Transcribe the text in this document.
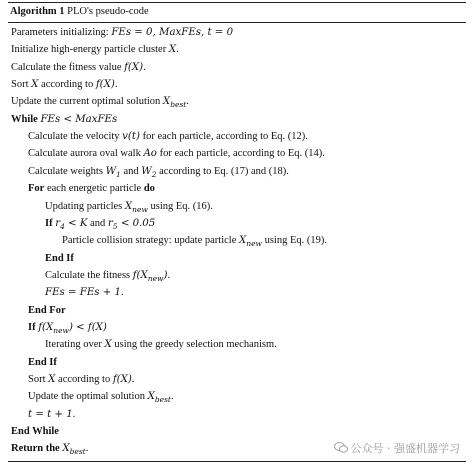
Algorithm 1 PLO's pseudo-code
Parameters initializing: FEs = 0, MaxFEs, t = 0
Initialize high-energy particle cluster X.
Calculate the fitness value f(X).
Sort X according to f(X).
Update the current optimal solution $X_{best}$.
While FEs < MaxFEs
Calculate the velocity v(t) for each particle, according to Eq. (12).
Calculate aurora oval walk Ao for each particle, according to Eq. (14).
Calculate weights $W_1$ and $W_2$ according to Eq. (17) and (18).
For each energetic particle do
Updating particles $X_{new}$ using Eq. (16).
If $r_4 < K$ and $r_5 < 0.05$
Particle collision strategy: update particle $X_{new}$ using Eq. (19).
End If
Calculate the fitness $f(X_{new})$.
FEs = FEs + 1.
End For
If $f(X_{new}) < f(X)$
Iterating over X using the greedy selection mechanism.
End If
Sort X according to f(X).
Update the optimal solution $X_{best}$.
t = t + 1.
End While
Return the $X_{best}$.	公众号 · 强盛机器学习
